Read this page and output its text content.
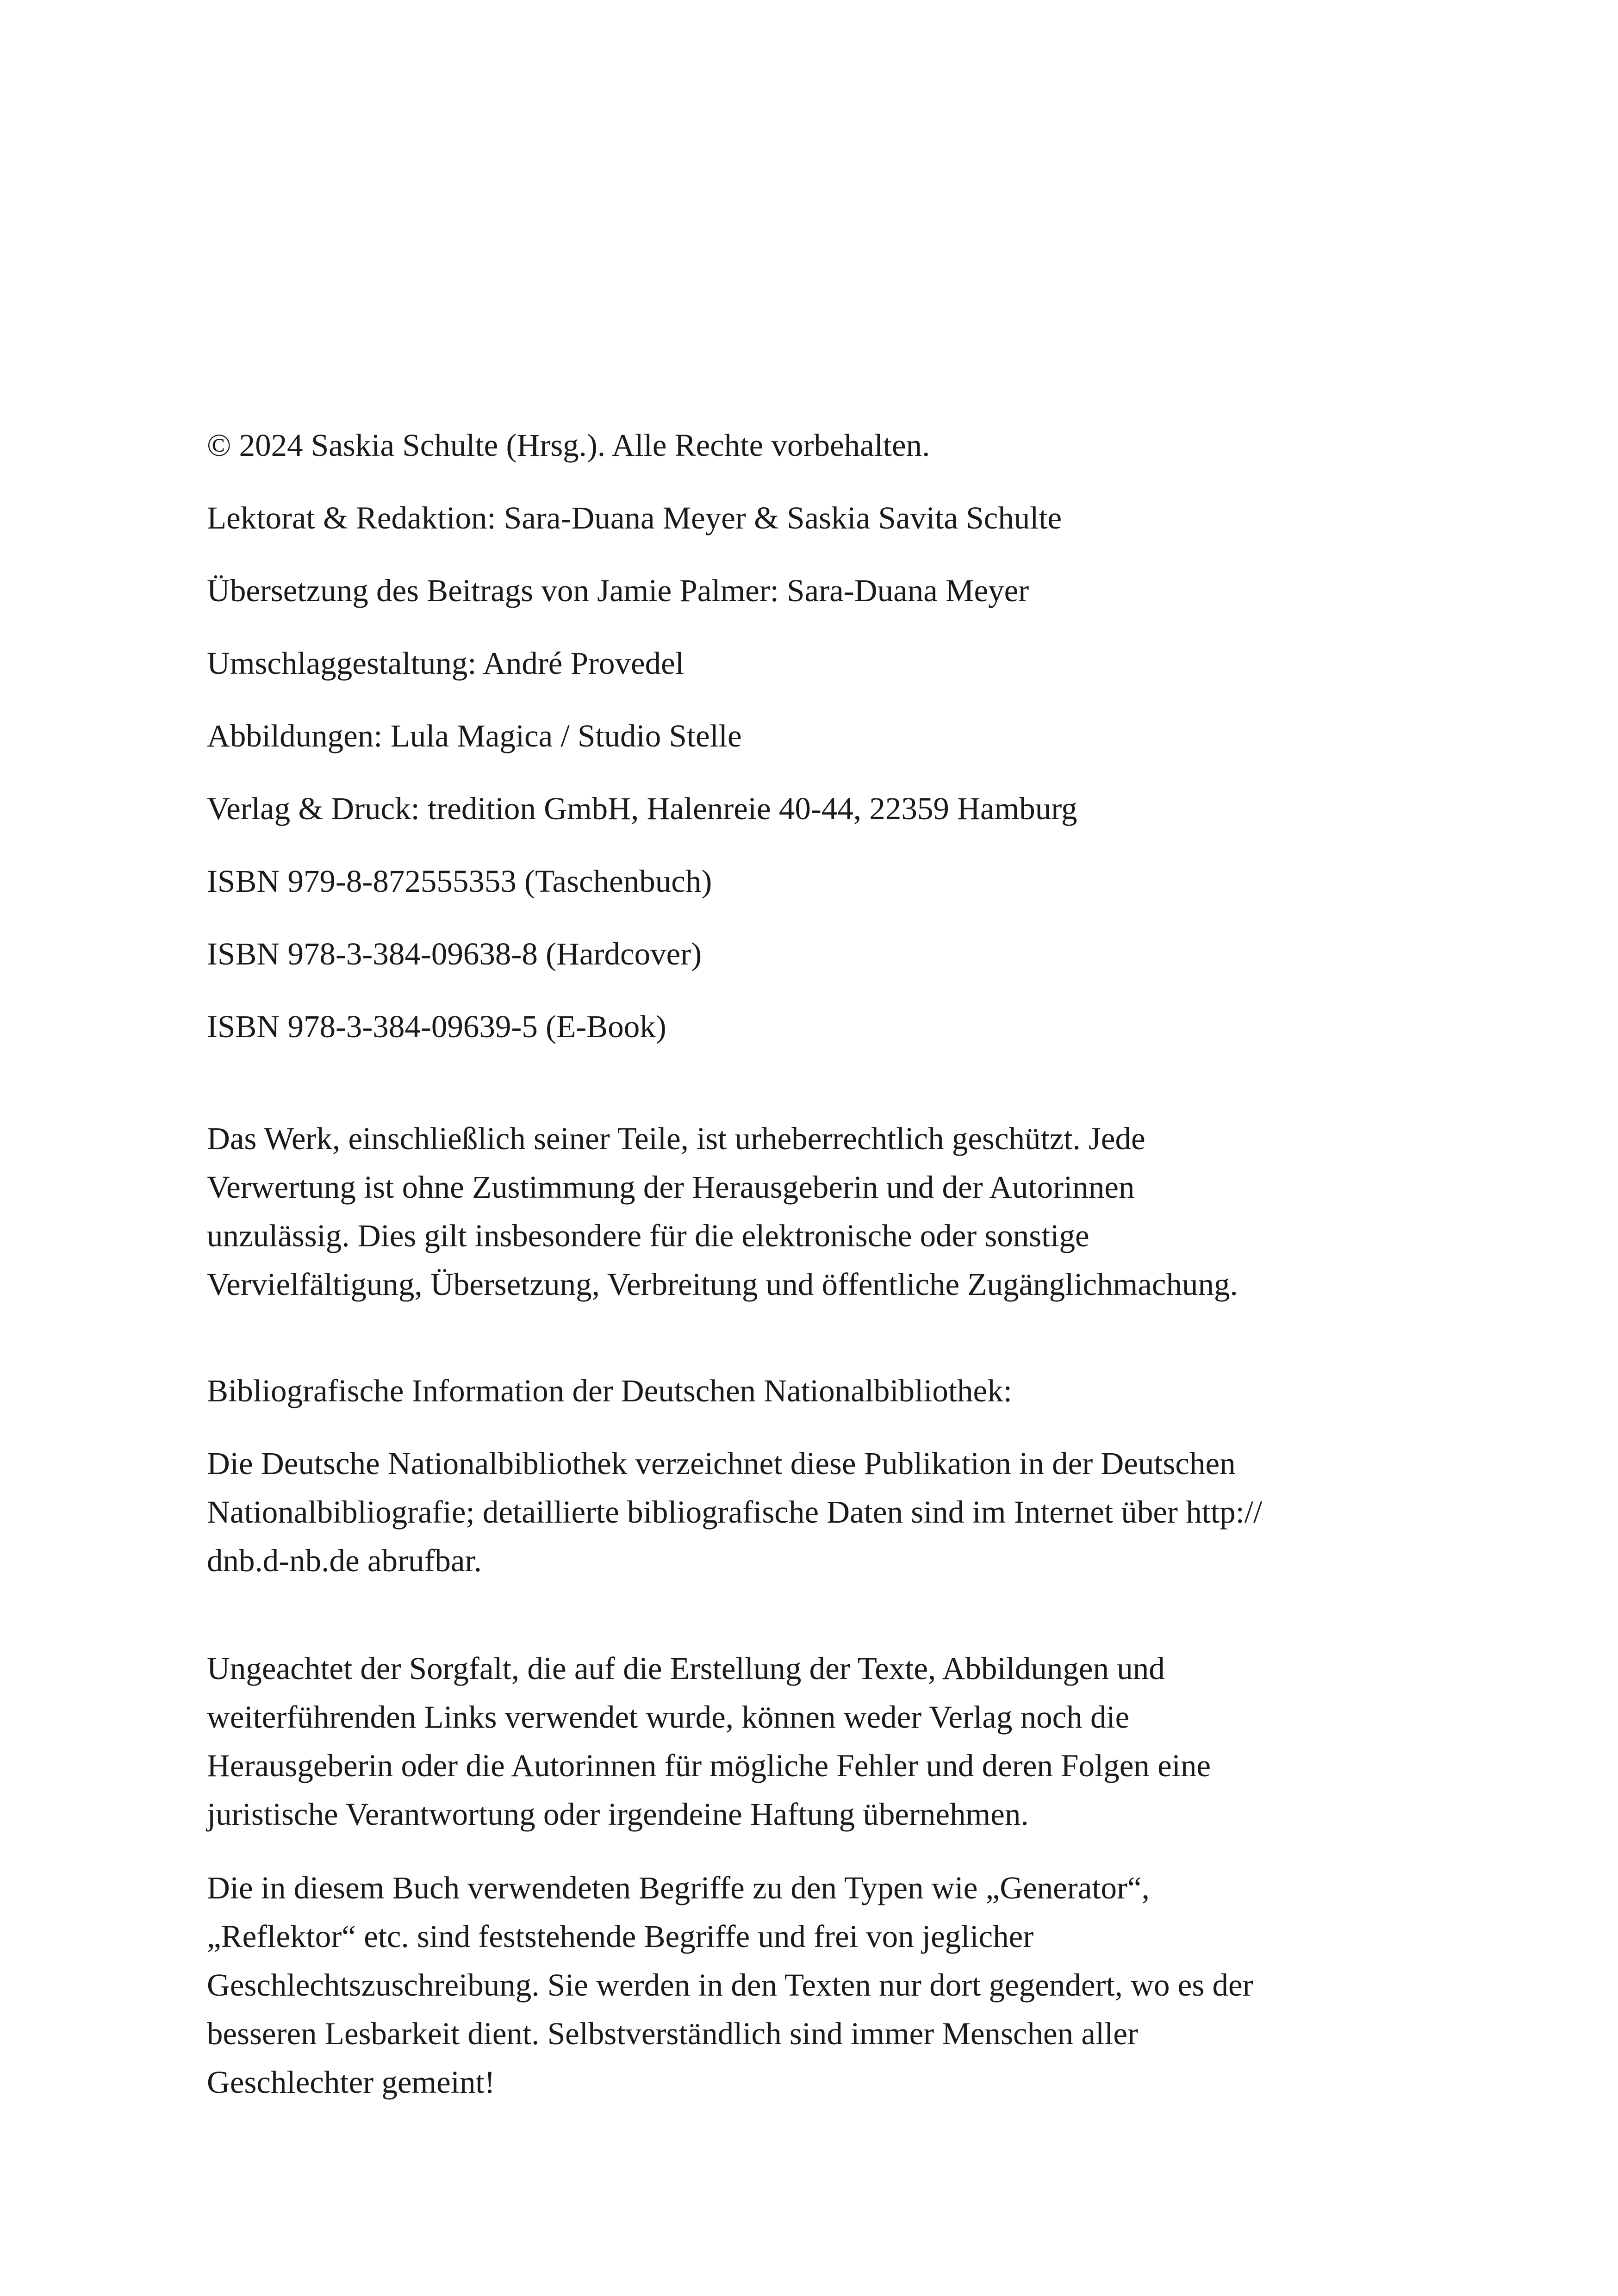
© 2024 Saskia Schulte (Hrsg.). Alle Rechte vorbehalten.

Lektorat & Redaktion: Sara-Duana Meyer & Saskia Savita Schulte

Übersetzung des Beitrags von Jamie Palmer: Sara-Duana Meyer

Umschlaggestaltung: André Provedel

Abbildungen: Lula Magica / Studio Stelle

Verlag & Druck: tredition GmbH, Halenreie 40-44, 22359 Hamburg

ISBN 979-8-872555353 (Taschenbuch)

ISBN 978-3-384-09638-8 (Hardcover)

ISBN 978-3-384-09639-5 (E-Book)

Das Werk, einschließlich seiner Teile, ist urheberrechtlich geschützt. Jede
Verwertung ist ohne Zustimmung der Herausgeberin und der Autorinnen
unzulässig. Dies gilt insbesondere für die elektronische oder sonstige
Vervielfältigung, Übersetzung, Verbreitung und öffentliche Zugänglichmachung.

Bibliografische Information der Deutschen Nationalbibliothek:

Die Deutsche Nationalbibliothek verzeichnet diese Publikation in der Deutschen
Nationalbibliografie; detaillierte bibliografische Daten sind im Internet über http://
dnb.d-nb.de abrufbar.
Ungeachtet der Sorgfalt, die auf die Erstellung der Texte, Abbildungen und
weiterführenden Links verwendet wurde, können weder Verlag noch die
Herausgeberin oder die Autorinnen für mögliche Fehler und deren Folgen eine
juristische Verantwortung oder irgendeine Haftung übernehmen.
Die in diesem Buch verwendeten Begriffe zu den Typen wie „Generator“,
„Reflektor“ etc. sind feststehende Begriffe und frei von jeglicher
Geschlechtszuschreibung. Sie werden in den Texten nur dort gegendert, wo es der
besseren Lesbarkeit dient. Selbstverständlich sind immer Menschen aller
Geschlechter gemeint!
